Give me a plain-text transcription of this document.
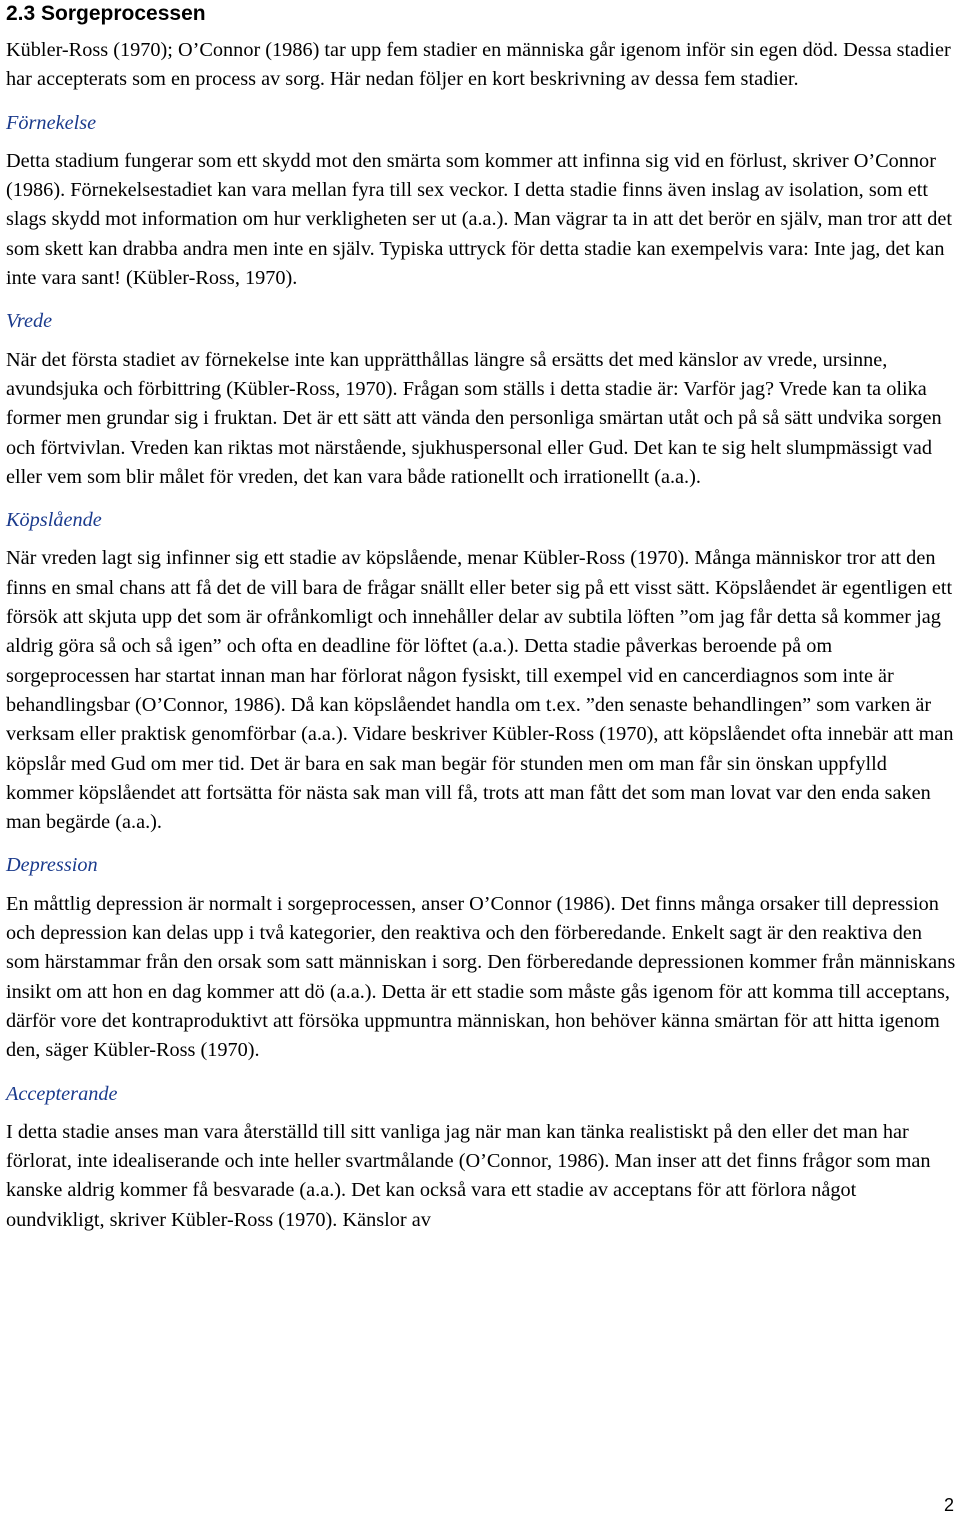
2.3 Sorgeprocessen

Kübler-Ross (1970); O’Connor (1986) tar upp fem stadier en människa går igenom inför sin egen död. Dessa stadier har accepterats som en process av sorg. Här nedan följer en kort beskrivning av dessa fem stadier.

Förnekelse

Detta stadium fungerar som ett skydd mot den smärta som kommer att infinna sig vid en förlust, skriver O’Connor (1986). Förnekelsestadiet kan vara mellan fyra till sex veckor. I detta stadie finns även inslag av isolation, som ett slags skydd mot information om hur verkligheten ser ut (a.a.). Man vägrar ta in att det berör en själv, man tror att det som skett kan drabba andra men inte en själv. Typiska uttryck för detta stadie kan exempelvis vara: Inte jag, det kan inte vara sant! (Kübler-Ross, 1970).

Vrede

När det första stadiet av förnekelse inte kan upprätthållas längre så ersätts det med känslor av vrede, ursinne, avundsjuka och förbittring (Kübler-Ross, 1970). Frågan som ställs i detta stadie är: Varför jag? Vrede kan ta olika former men grundar sig i fruktan. Det är ett sätt att vända den personliga smärtan utåt och på så sätt undvika sorgen och förtvivlan. Vreden kan riktas mot närstående, sjukhuspersonal eller Gud. Det kan te sig helt slumpmässigt vad eller vem som blir målet för vreden, det kan vara både rationellt och irrationellt (a.a.).

Köpslående

När vreden lagt sig infinner sig ett stadie av köpslående, menar Kübler-Ross (1970). Många människor tror att den finns en smal chans att få det de vill bara de frågar snällt eller beter sig på ett visst sätt. Köpslåendet är egentligen ett försök att skjuta upp det som är ofrånkomligt och innehåller delar av subtila löften ”om jag får detta så kommer jag aldrig göra så och så igen” och ofta en deadline för löftet (a.a.). Detta stadie påverkas beroende på om sorgeprocessen har startat innan man har förlorat någon fysiskt, till exempel vid en cancerdiagnos som inte är behandlingsbar (O’Connor, 1986). Då kan köpslåendet handla om t.ex. ”den senaste behandlingen” som varken är verksam eller praktisk genomförbar (a.a.). Vidare beskriver Kübler-Ross (1970), att köpslåendet ofta innebär att man köpslår med Gud om mer tid. Det är bara en sak man begär för stunden men om man får sin önskan uppfylld kommer köpslåendet att fortsätta för nästa sak man vill få, trots att man fått det som man lovat var den enda saken man begärde (a.a.).

Depression

En måttlig depression är normalt i sorgeprocessen, anser O’Connor (1986). Det finns många orsaker till depression och depression kan delas upp i två kategorier, den reaktiva och den förberedande. Enkelt sagt är den reaktiva den som härstammar från den orsak som satt människan i sorg. Den förberedande depressionen kommer från människans insikt om att hon en dag kommer att dö (a.a.). Detta är ett stadie som måste gås igenom för att komma till acceptans, därför vore det kontraproduktivt att försöka uppmuntra människan, hon behöver känna smärtan för att hitta igenom den, säger Kübler-Ross (1970).

Accepterande

I detta stadie anses man vara återställd till sitt vanliga jag när man kan tänka realistiskt på den eller det man har förlorat, inte idealiserande och inte heller svartmålande (O’Connor, 1986). Man inser att det finns frågor som man kanske aldrig kommer få besvarade (a.a.). Det kan också vara ett stadie av acceptans för att förlora något oundvikligt, skriver Kübler-Ross (1970). Känslor av

2
